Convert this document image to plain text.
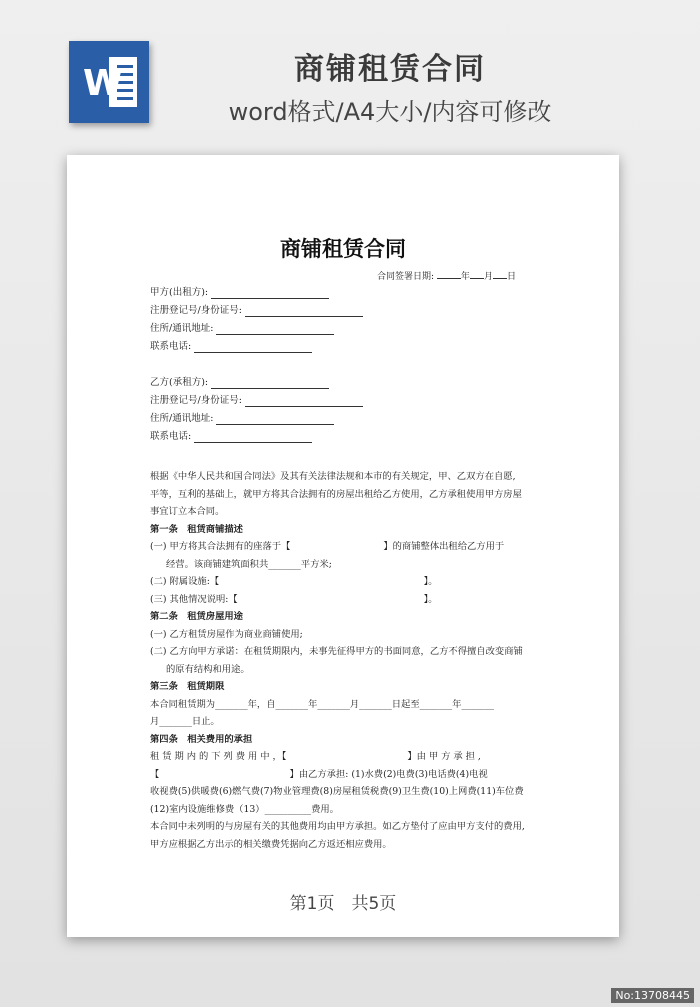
W	商铺租赁合同
word格式/A4大小/内容可修改
商铺租赁合同
合同签署日期:	年 月 日
甲方(出租方):
注册登记号/身份证号:
住所/通讯地址:
联系电话:
乙方(承租方):
注册登记号/身份证号:
住所/通讯地址:
联系电话:

根据《中华人民共和国合同法》及其有关法律法规和本市的有关规定，甲、乙双方在自愿,

平等，互利的基础上，就甲方将其合法拥有的房屋出租给乙方使用，乙方承租使用甲方房屋

事宜订立本合同。

第一条　租赁商铺描述

(一) 甲方将其合法拥有的座落于【　　　　　　　　　　】的商铺整体出租给乙方用于

经营。该商铺建筑面积共_______平方米;

(二) 附属设施:【　　　　　　　　　　　　　　　　　　　　　　】。

(三) 其他情况说明:【　　　　　　　　　　　　　　　　　　　　】。

第二条　租赁房屋用途

(一) 乙方租赁房屋作为商业商铺使用;

(二) 乙方向甲方承诺：在租赁期限内，未事先征得甲方的书面同意，乙方不得擅自改变商铺

的原有结构和用途。

第三条　租赁期限

本合同租赁期为_______年，自_______年_______月_______日起至_______年_______

月_______日止。

第四条　相关费用的承担

租 赁 期 内 的 下 列 费 用 中 ，【　　　　　　　　　　　　　】由 甲 方 承 担 ,

【　　　　　　　　　　　　　　】由乙方承担: (1)水费(2)电费(3)电话费(4)电视

收视费(5)供暖费(6)燃气费(7)物业管理费(8)房屋租赁税费(9)卫生费(10)上网费(11)车位费

(12)室内设施维修费（13）__________费用。

本合同中未列明的与房屋有关的其他费用均由甲方承担。如乙方垫付了应由甲方支付的费用,

甲方应根据乙方出示的相关缴费凭据向乙方返还相应费用。

第1页　共5页
No:13708445
